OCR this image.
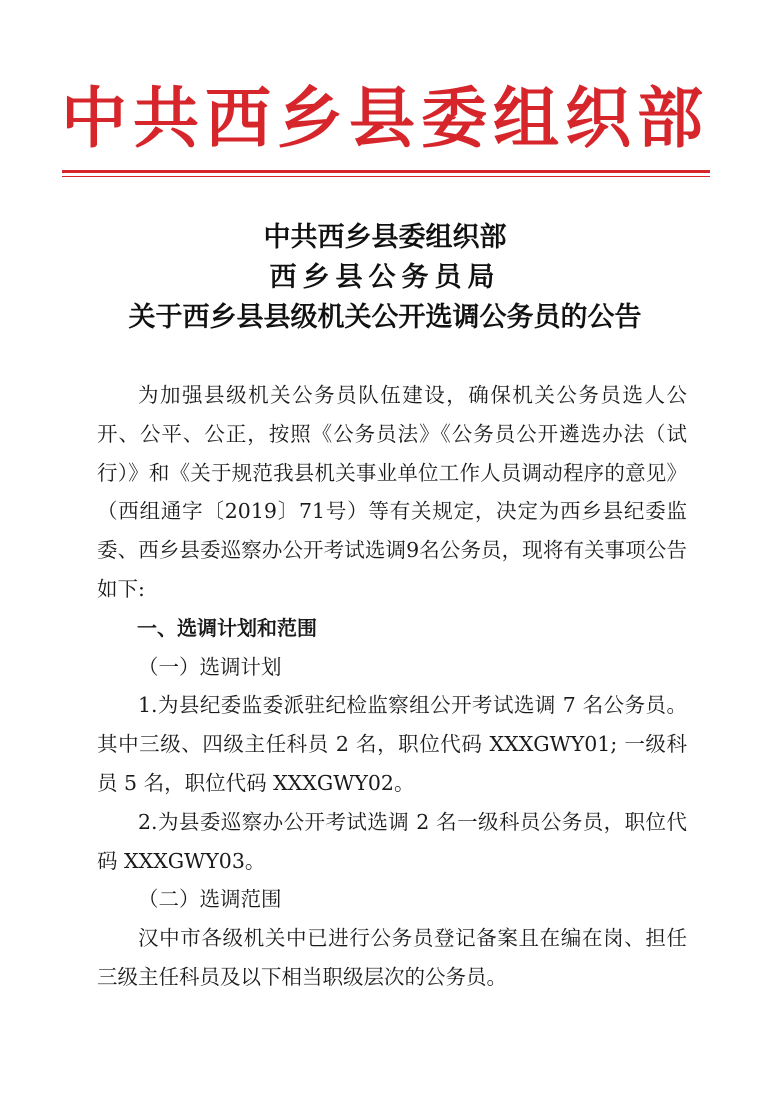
中共西乡县委组织部
中共西乡县委组织部
西乡县公务员局
关于西乡县县级机关公开选调公务员的公告

为加强县级机关公务员队伍建设，确保机关公务员选人公开、公平、公正，按照《公务员法》《公务员公开遴选办法（试行）》和《关于规范我县机关事业单位工作人员调动程序的意见》（西组通字〔2019〕71号）等有关规定，决定为西乡县纪委监委、西乡县委巡察办公开考试选调9名公务员，现将有关事项公告如下:

一、选调计划和范围

（一）选调计划

1.为县纪委监委派驻纪检监察组公开考试选调 7 名公务员。其中三级、四级主任科员 2 名，职位代码 XXXGWY01; 一级科员 5 名，职位代码 XXXGWY02。

2.为县委巡察办公开考试选调 2 名一级科员公务员，职位代码 XXXGWY03。

（二）选调范围

汉中市各级机关中已进行公务员登记备案且在编在岗、担任三级主任科员及以下相当职级层次的公务员。
